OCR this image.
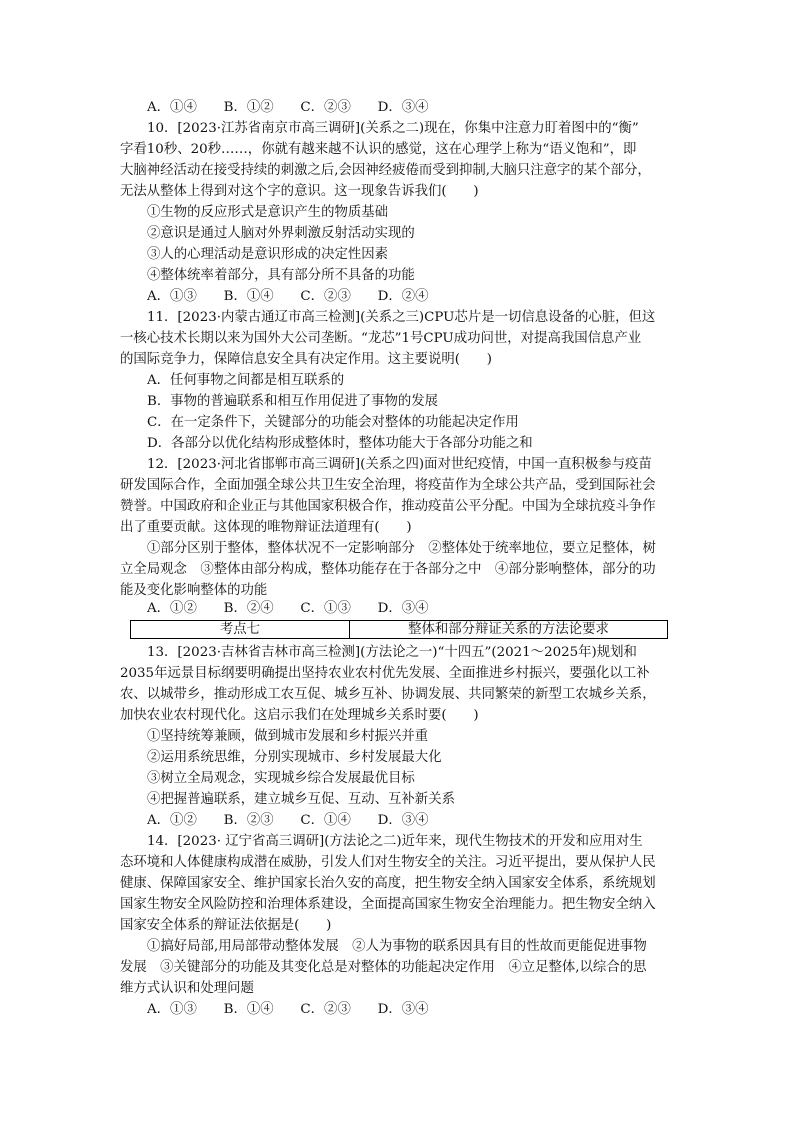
A．①④　　B．①②　　C．②③　　D．③④
10．[2023·江苏省南京市高三调研](关系之二)现在，你集中注意力盯着图中的“衡”
字看10秒、20秒……，你就有越来越不认识的感觉，这在心理学上称为“语义饱和”，即
大脑神经活动在接受持续的刺激之后,会因神经疲倦而受到抑制,大脑只注意字的某个部分，
无法从整体上得到对这个字的意识。这一现象告诉我们(　　)
①生物的反应形式是意识产生的物质基础
②意识是通过人脑对外界刺激反射活动实现的
③人的心理活动是意识形成的决定性因素
④整体统率着部分，具有部分所不具备的功能
A．①③　　B．①④　　C．②③　　D．②④
11．[2023·内蒙古通辽市高三检测](关系之三)CPU芯片是一切信息设备的心脏，但这
一核心技术长期以来为国外大公司垄断。“龙芯”1号CPU成功问世，对提高我国信息产业
的国际竞争力，保障信息安全具有决定作用。这主要说明(　　)
A．任何事物之间都是相互联系的
B．事物的普遍联系和相互作用促进了事物的发展
C．在一定条件下，关键部分的功能会对整体的功能起决定作用
D．各部分以优化结构形成整体时，整体功能大于各部分功能之和
12．[2023·河北省邯郸市高三调研](关系之四)面对世纪疫情，中国一直积极参与疫苗
研发国际合作，全面加强全球公共卫生安全治理，将疫苗作为全球公共产品，受到国际社会
赞誉。中国政府和企业正与其他国家积极合作，推动疫苗公平分配。中国为全球抗疫斗争作
出了重要贡献。这体现的唯物辩证法道理有(　　)
①部分区别于整体，整体状况不一定影响部分　②整体处于统率地位，要立足整体，树
立全局观念　③整体由部分构成，整体功能存在于各部分之中　④部分影响整体，部分的功
能及变化影响整体的功能
A．①②　　B．②④　　C．①③　　D．③④
考点七	整体和部分辩证关系的方法论要求
13．[2023·吉林省吉林市高三检测](方法论之一)“十四五”(2021～2025年)规划和
2035年远景目标纲要明确提出坚持农业农村优先发展、全面推进乡村振兴，要强化以工补
农、以城带乡，推动形成工农互促、城乡互补、协调发展、共同繁荣的新型工农城乡关系，
加快农业农村现代化。这启示我们在处理城乡关系时要(　　)
①坚持统筹兼顾，做到城市发展和乡村振兴并重
②运用系统思维，分别实现城市、乡村发展最大化
③树立全局观念，实现城乡综合发展最优目标
④把握普遍联系，建立城乡互促、互动、互补新关系
A．①②　　B．②③　　C．①④　　D．③④
14．[2023· 辽宁省高三调研](方法论之二)近年来，现代生物技术的开发和应用对生
态环境和人体健康构成潜在威胁，引发人们对生物安全的关注。习近平提出，要从保护人民
健康、保障国家安全、维护国家长治久安的高度，把生物安全纳入国家安全体系，系统规划
国家生物安全风险防控和治理体系建设，全面提高国家生物安全治理能力。把生物安全纳入
国家安全体系的辩证法依据是(　　)
①搞好局部,用局部带动整体发展　②人为事物的联系因具有目的性故而更能促进事物
发展　③关键部分的功能及其变化总是对整体的功能起决定作用　④立足整体,以综合的思
维方式认识和处理问题
A．①③　　B．①④　　C．②③　　D．③④
